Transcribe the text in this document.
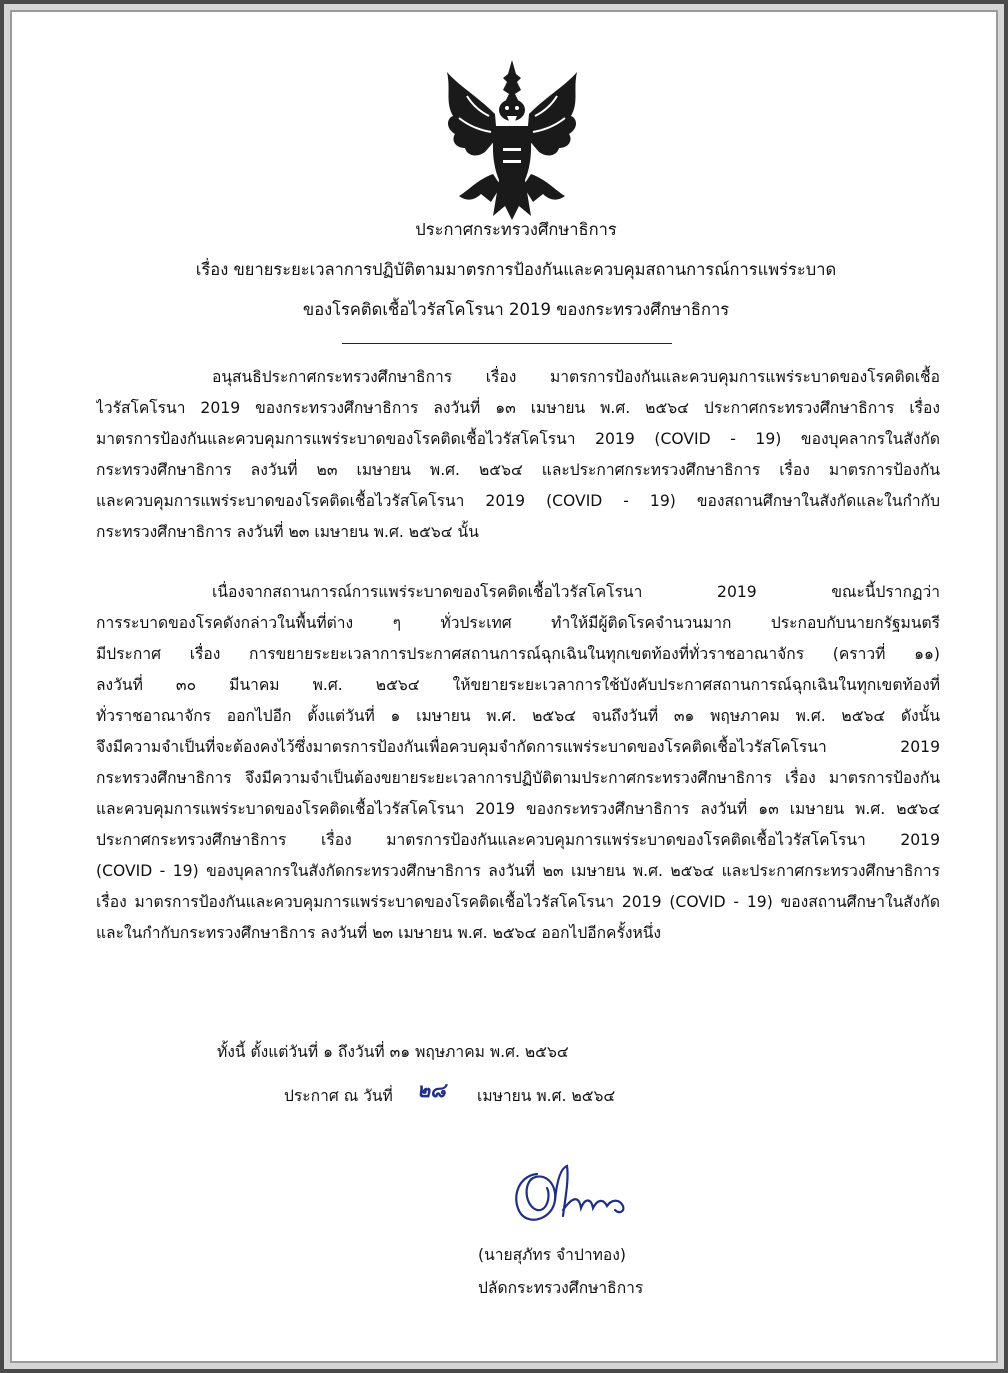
ประกาศกระทรวงศึกษาธิการ
เรื่อง ขยายระยะเวลาการปฏิบัติตามมาตรการป้องกันและควบคุมสถานการณ์การแพร่ระบาด
ของโรคติดเชื้อไวรัสโคโรนา 2019 ของกระทรวงศึกษาธิการ
อนุสนธิประกาศกระทรวงศึกษาธิการ เรื่อง มาตรการป้องกันและควบคุมการแพร่ระบาดของโรคติดเชื้อ
ไวรัสโคโรนา 2019 ของกระทรวงศึกษาธิการ ลงวันที่ ๑๓ เมษายน พ.ศ. ๒๕๖๔ ประกาศกระทรวงศึกษาธิการ เรื่อง
มาตรการป้องกันและควบคุมการแพร่ระบาดของโรคติดเชื้อไวรัสโคโรนา 2019 (COVID - 19) ของบุคลากรในสังกัด
กระทรวงศึกษาธิการ ลงวันที่ ๒๓ เมษายน พ.ศ. ๒๕๖๔ และประกาศกระทรวงศึกษาธิการ เรื่อง มาตรการป้องกัน
และควบคุมการแพร่ระบาดของโรคติดเชื้อไวรัสโคโรนา 2019 (COVID - 19) ของสถานศึกษาในสังกัดและในกำกับ
กระทรวงศึกษาธิการ ลงวันที่ ๒๓ เมษายน พ.ศ. ๒๕๖๔ นั้น
เนื่องจากสถานการณ์การแพร่ระบาดของโรคติดเชื้อไวรัสโคโรนา 2019 ขณะนี้ปรากฏว่า
การระบาดของโรคดังกล่าวในพื้นที่ต่าง ๆ ทั่วประเทศ ทำให้มีผู้ติดโรคจำนวนมาก ประกอบกับนายกรัฐมนตรี
มีประกาศ เรื่อง การขยายระยะเวลาการประกาศสถานการณ์ฉุกเฉินในทุกเขตท้องที่ทั่วราชอาณาจักร (คราวที่ ๑๑)
ลงวันที่ ๓๐ มีนาคม พ.ศ. ๒๕๖๔ ให้ขยายระยะเวลาการใช้บังคับประกาศสถานการณ์ฉุกเฉินในทุกเขตท้องที่
ทั่วราชอาณาจักร ออกไปอีก ตั้งแต่วันที่ ๑ เมษายน พ.ศ. ๒๕๖๔ จนถึงวันที่ ๓๑ พฤษภาคม พ.ศ. ๒๕๖๔ ดังนั้น
จึงมีความจำเป็นที่จะต้องคงไว้ซึ่งมาตรการป้องกันเพื่อควบคุมจำกัดการแพร่ระบาดของโรคติดเชื้อไวรัสโคโรนา 2019
กระทรวงศึกษาธิการ จึงมีความจำเป็นต้องขยายระยะเวลาการปฏิบัติตามประกาศกระทรวงศึกษาธิการ เรื่อง มาตรการป้องกัน
และควบคุมการแพร่ระบาดของโรคติดเชื้อไวรัสโคโรนา 2019 ของกระทรวงศึกษาธิการ ลงวันที่ ๑๓ เมษายน พ.ศ. ๒๕๖๔
ประกาศกระทรวงศึกษาธิการ เรื่อง มาตรการป้องกันและควบคุมการแพร่ระบาดของโรคติดเชื้อไวรัสโคโรนา 2019
(COVID - 19) ของบุคลากรในสังกัดกระทรวงศึกษาธิการ ลงวันที่ ๒๓ เมษายน พ.ศ. ๒๕๖๔ และประกาศกระทรวงศึกษาธิการ
เรื่อง มาตรการป้องกันและควบคุมการแพร่ระบาดของโรคติดเชื้อไวรัสโคโรนา 2019 (COVID - 19) ของสถานศึกษาในสังกัด
และในกำกับกระทรวงศึกษาธิการ ลงวันที่ ๒๓ เมษายน พ.ศ. ๒๕๖๔ ออกไปอีกครั้งหนึ่ง
ทั้งนี้ ตั้งแต่วันที่ ๑ ถึงวันที่ ๓๑ พฤษภาคม พ.ศ. ๒๕๖๔
ประกาศ ณ วันที่ ๒๘ เมษายน พ.ศ. ๒๕๖๔
(นายสุภัทร จำปาทอง)
ปลัดกระทรวงศึกษาธิการ
